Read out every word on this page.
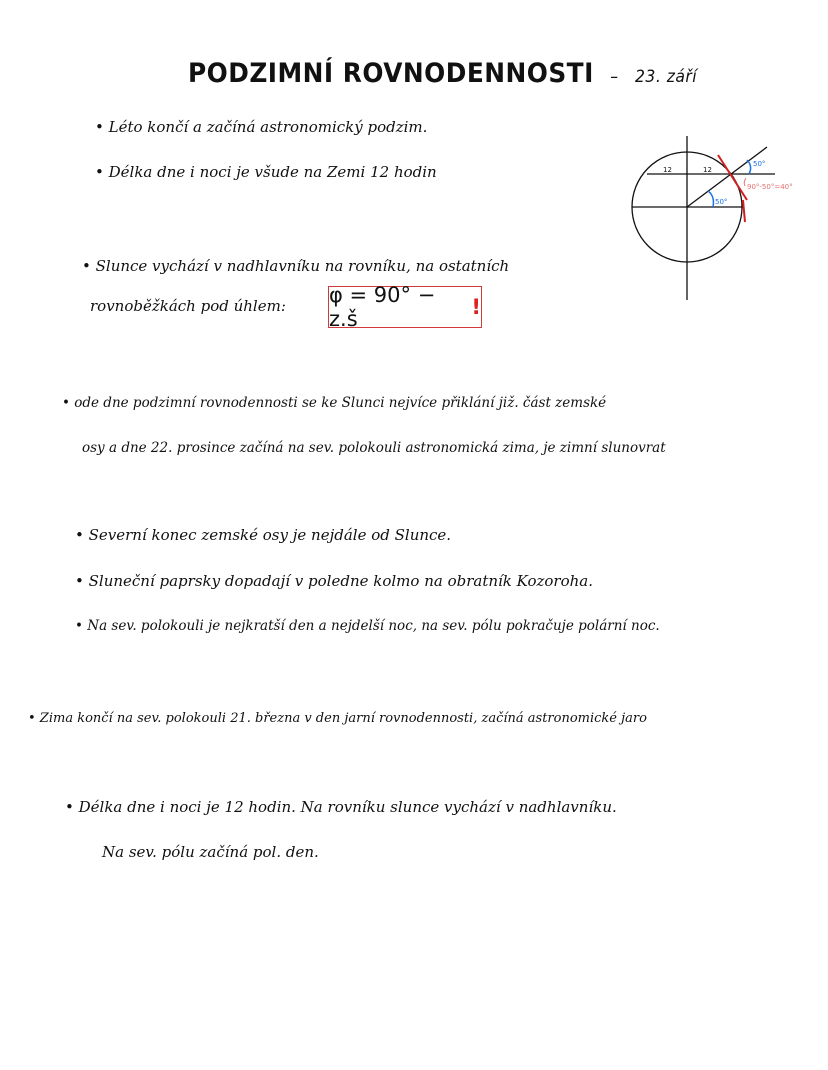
PODZIMNÍ ROVNODENNOSTI – 23. září
• Léto končí a začíná astronomický podzim.
• Délka dne i noci je všude na Zemi 12 hodin	12	12
50°
50°
90°-50°=40°
• Slunce vychází v nadhlavníku na rovníku, na ostatních
rovnoběžkách pod úhlem: φ = 90° − z.š	!
• ode dne podzimní rovnodennosti se ke Slunci nejvíce přiklání již. část zemské
osy a dne 22. prosince začíná na sev. polokouli astronomická zima, je zimní slunovrat
• Severní konec zemské osy je nejdále od Slunce.
• Sluneční paprsky dopadají v poledne kolmo na obratník Kozoroha.
• Na sev. polokouli je nejkratší den a nejdelší noc, na sev. pólu pokračuje polární noc.
• Zima končí na sev. polokouli 21. března v den jarní rovnodennosti, začíná astronomické jaro
• Délka dne i noci je 12 hodin. Na rovníku slunce vychází v nadhlavníku.
Na sev. pólu začíná pol. den.
